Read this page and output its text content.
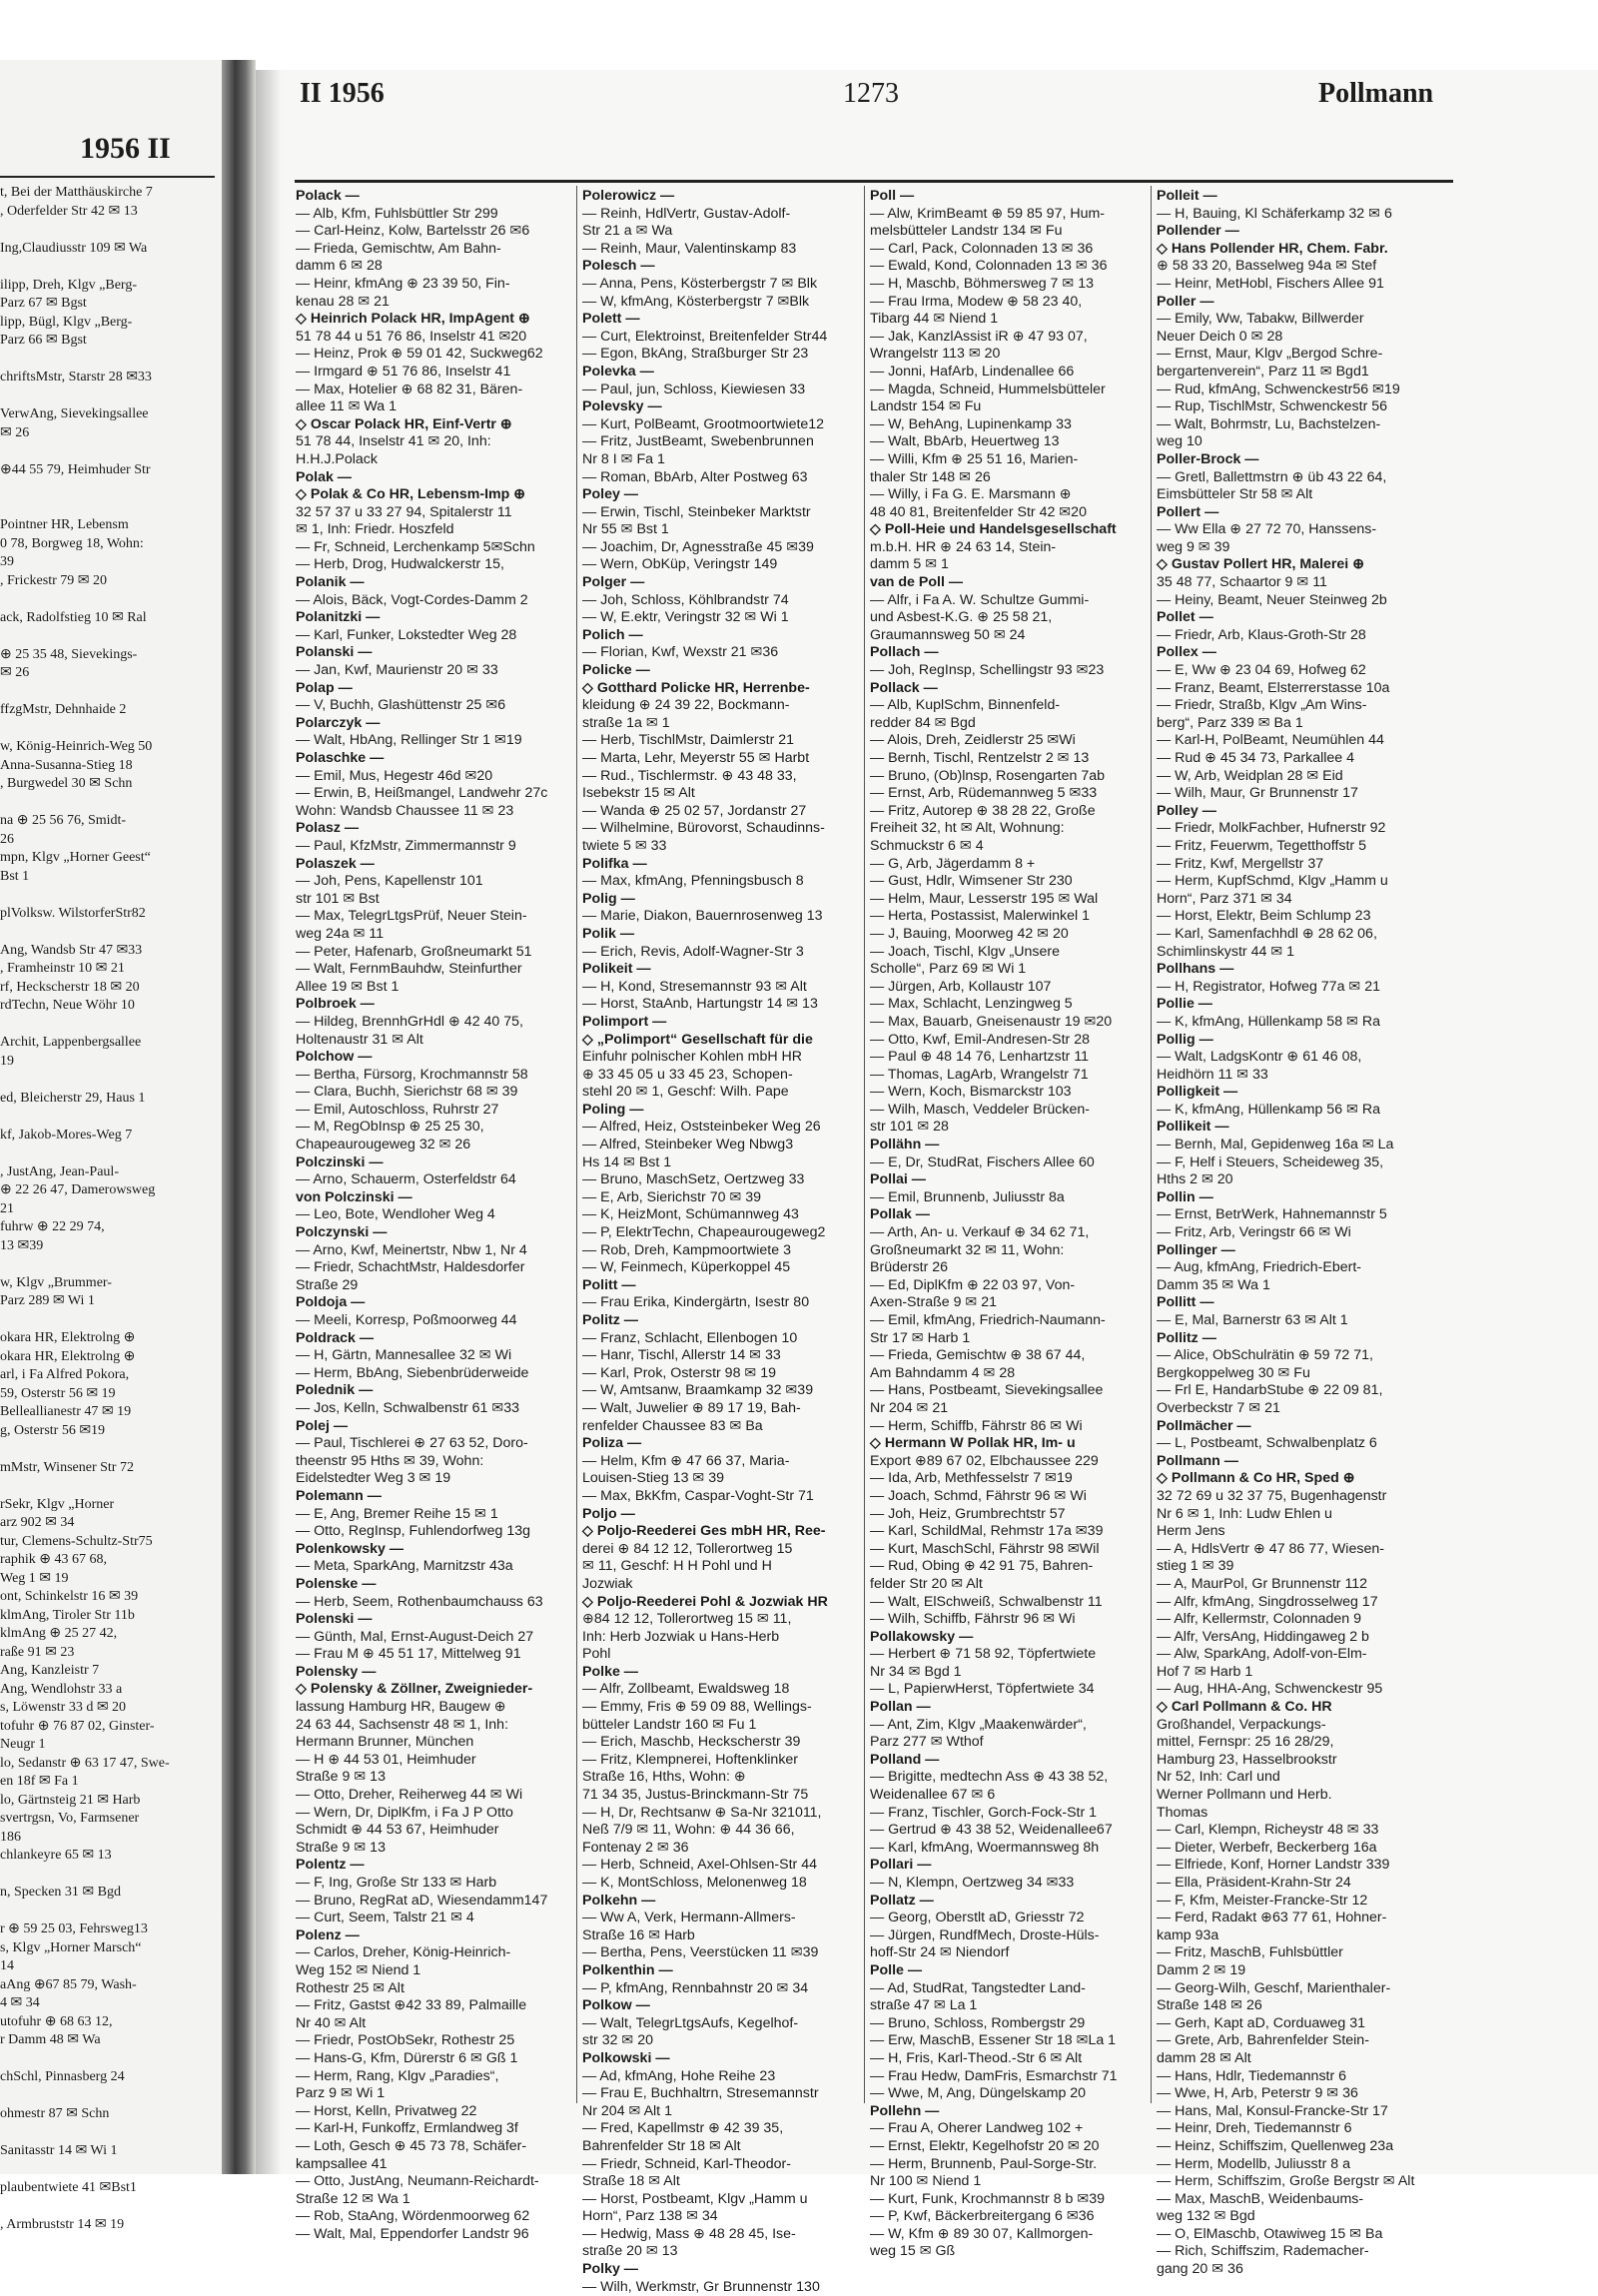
1956 II
t, Bei der Matthäuskirche 7
, Oderfelder Str 42 ✉ 13

Ing,Claudiusstr 109 ✉ Wa

ilipp, Dreh, Klgv „Berg-
Parz 67 ✉ Bgst
lipp, Bügl, Klgv „Berg-
Parz 66 ✉ Bgst

chriftsMstr, Starstr 28 ✉33

VerwAng, Sievekingsallee
✉ 26

⊕44 55 79, Heimhuder Str

Pointner HR, Lebensm
0 78, Borgweg 18, Wohn:
39
, Frickestr 79 ✉ 20

ack, Radolfstieg 10 ✉ Ral

⊕ 25 35 48, Sievekings-
✉ 26

ffzgMstr, Dehnhaide 2

w, König-Heinrich-Weg 50
Anna-Susanna-Stieg 18
, Burgwedel 30 ✉ Schn

na ⊕ 25 56 76, Smidt-
26
mpn, Klgv „Horner Geest“
Bst 1

plVolksw. WilstorferStr82

Ang, Wandsb Str 47 ✉33
, Framheinstr 10 ✉ 21
rf, Heckscherstr 18 ✉ 20
rdTechn, Neue Wöhr 10

Archit, Lappenbergsallee
19

ed, Bleicherstr 29, Haus 1

kf, Jakob-Mores-Weg 7

, JustAng, Jean-Paul-
⊕ 22 26 47, Damerowsweg
21
fuhrw ⊕ 22 29 74,
13 ✉39

w, Klgv „Brummer-
Parz 289 ✉ Wi 1

okara HR, Elektrolng ⊕
okara HR, Elektrolng ⊕
arl, i Fa Alfred Pokora,
59, Osterstr 56 ✉ 19
Belleallianestr 47 ✉ 19
g, Osterstr 56 ✉19

mMstr, Winsener Str 72

rSekr, Klgv „Horner
arz 902 ✉ 34
tur, Clemens-Schultz-Str75
raphik ⊕ 43 67 68,
Weg 1 ✉ 19
ont, Schinkelstr 16 ✉ 39
klmAng, Tiroler Str 11b
klmAng ⊕ 25 27 42,
raße 91 ✉ 23
Ang, Kanzleistr 7
Ang, Wendlohstr 33 a
s, Löwenstr 33 d ✉ 20
tofuhr ⊕ 76 87 02, Ginster-
Neugr 1
lo, Sedanstr ⊕ 63 17 47, Swe-
en 18f ✉ Fa 1
lo, Gärtnsteig 21 ✉ Harb
svertrgsn, Vo, Farmsener
186
chlankeyre 65 ✉ 13

n, Specken 31 ✉ Bgd

r ⊕ 59 25 03, Fehrsweg13
s, Klgv „Horner Marsch“
14
aAng ⊕67 85 79, Wash-
4 ✉ 34
utofuhr ⊕ 68 63 12,
r Damm 48 ✉ Wa

chSchl, Pinnasberg 24

ohmestr 87 ✉ Schn

Sanitasstr 14 ✉ Wi 1

plaubentwiete 41 ✉Bst1

, Armbruststr 14 ✉ 19
II 1956	1273	Pollmann
Polack —
— Alb, Kfm, Fuhlsbüttler Str 299
— Carl-Heinz, Kolw, Bartelsstr 26 ✉6
— Frieda, Gemischtw, Am Bahn-
damm 6 ✉ 28
— Heinr, kfmAng ⊕ 23 39 50, Fin-
kenau 28 ✉ 21
◇ Heinrich Polack HR, ImpAgent ⊕
51 78 44 u 51 76 86, Inselstr 41 ✉20
— Heinz, Prok ⊕ 59 01 42, Suckweg62
— Irmgard ⊕ 51 76 86, Inselstr 41
— Max, Hotelier ⊕ 68 82 31, Bären-
allee 11 ✉ Wa 1
◇ Oscar Polack HR, Einf-Vertr ⊕
51 78 44, Inselstr 41 ✉ 20, Inh:
H.H.J.Polack
Polak —
◇ Polak & Co HR, Lebensm-Imp ⊕
32 57 37 u 33 27 94, Spitalerstr 11
✉ 1, Inh: Friedr. Hoszfeld
— Fr, Schneid, Lerchenkamp 5✉Schn
— Herb, Drog, Hudwalckerstr 15,
Polanik —
— Alois, Bäck, Vogt-Cordes-Damm 2
Polanitzki —
— Karl, Funker, Lokstedter Weg 28
Polanski —
— Jan, Kwf, Maurienstr 20 ✉ 33
Polap —
— V, Buchh, Glashüttenstr 25 ✉6
Polarczyk —
— Walt, HbAng, Rellinger Str 1 ✉19
Polaschke —
— Emil, Mus, Hegestr 46d ✉20
— Erwin, B, Heißmangel, Landwehr 27c
Wohn: Wandsb Chaussee 11 ✉ 23
Polasz —
— Paul, KfzMstr, Zimmermannstr 9
Polaszek —
— Joh, Pens, Kapellenstr 101
str 101 ✉ Bst
— Max, TelegrLtgsPrüf, Neuer Stein-
weg 24a ✉ 11
— Peter, Hafenarb, Großneumarkt 51
— Walt, FernmBauhdw, Steinfurther
Allee 19 ✉ Bst 1
Polbroek —
— Hildeg, BrennhGrHdl ⊕ 42 40 75,
Holtenaustr 31 ✉ Alt
Polchow —
— Bertha, Fürsorg, Krochmannstr 58
— Clara, Buchh, Sierichstr 68 ✉ 39
— Emil, Autoschloss, Ruhrstr 27
— M, RegObInsp ⊕ 25 25 30,
Chapeaurougeweg 32 ✉ 26
Polczinski —
— Arno, Schauerm, Osterfeldstr 64
von Polczinski —
— Leo, Bote, Wendloher Weg 4
Polczynski —
— Arno, Kwf, Meinertstr, Nbw 1, Nr 4
— Friedr, SchachtMstr, Haldesdorfer
Straße 29
Poldoja —
— Meeli, Korresp, Poßmoorweg 44
Poldrack —
— H, Gärtn, Mannesallee 32 ✉ Wi
— Herm, BbAng, Siebenbrüderweide
Polednik —
— Jos, Kelln, Schwalbenstr 61 ✉33
Polej —
— Paul, Tischlerei ⊕ 27 63 52, Doro-
theenstr 95 Hths ✉ 39, Wohn:
Eidelstedter Weg 3 ✉ 19
Polemann —
— E, Ang, Bremer Reihe 15 ✉ 1
— Otto, RegInsp, Fuhlendorfweg 13g
Polenkowsky —
— Meta, SparkAng, Marnitzstr 43a
Polenske —
— Herb, Seem, Rothenbaumchauss 63
Polenski —
— Günth, Mal, Ernst-August-Deich 27
— Frau M ⊕ 45 51 17, Mittelweg 91
Polensky —
◇ Polensky & Zöllner, Zweignieder-
lassung Hamburg HR, Baugew ⊕
24 63 44, Sachsenstr 48 ✉ 1, Inh:
Hermann Brunner, München
— H ⊕ 44 53 01, Heimhuder
Straße 9 ✉ 13
— Otto, Dreher, Reiherweg 44 ✉ Wi
— Wern, Dr, DiplKfm, i Fa J P Otto
Schmidt ⊕ 44 53 67, Heimhuder
Straße 9 ✉ 13
Polentz —
— F, Ing, Große Str 133 ✉ Harb
— Bruno, RegRat aD, Wiesendamm147
— Curt, Seem, Talstr 21 ✉ 4
Polenz —
— Carlos, Dreher, König-Heinrich-
Weg 152 ✉ Niend 1
Rothestr 25 ✉ Alt
— Fritz, Gastst ⊕42 33 89, Palmaille
Nr 40 ✉ Alt
— Friedr, PostObSekr, Rothestr 25
— Hans-G, Kfm, Dürerstr 6 ✉ Gß 1
— Herm, Rang, Klgv „Paradies“,
Parz 9 ✉ Wi 1
— Horst, Kelln, Privatweg 22
— Karl-H, Funkoffz, Ermlandweg 3f
— Loth, Gesch ⊕ 45 73 78, Schäfer-
kampsallee 41
— Otto, JustAng, Neumann-Reichardt-
Straße 12 ✉ Wa 1
— Rob, StaAng, Wördenmoorweg 62
— Walt, Mal, Eppendorfer Landstr 96
Polerowicz —
— Reinh, HdlVertr, Gustav-Adolf-
Str 21 a ✉ Wa
— Reinh, Maur, Valentinskamp 83
Polesch —
— Anna, Pens, Kösterbergstr 7 ✉ Blk
— W, kfmAng, Kösterbergstr 7 ✉Blk
Polett —
— Curt, Elektroinst, Breitenfelder Str44
— Egon, BkAng, Straßburger Str 23
Polevka —
— Paul, jun, Schloss, Kiewiesen 33
Polevsky —
— Kurt, PolBeamt, Grootmoortwiete12
— Fritz, JustBeamt, Swebenbrunnen
Nr 8 I ✉ Fa 1
— Roman, BbArb, Alter Postweg 63
Poley —
— Erwin, Tischl, Steinbeker Marktstr
Nr 55 ✉ Bst 1
— Joachim, Dr, Agnesstraße 45 ✉39
— Wern, ObKüp, Veringstr 149
Polger —
— Joh, Schloss, Köhlbrandstr 74
— W, E.ektr, Veringstr 32 ✉ Wi 1
Polich —
— Florian, Kwf, Wexstr 21 ✉36
Policke —
◇ Gotthard Policke HR, Herrenbe-
kleidung ⊕ 24 39 22, Bockmann-
straße 1a ✉ 1
— Herb, TischlMstr, Daimlerstr 21
— Marta, Lehr, Meyerstr 55 ✉ Harbt
— Rud., Tischlermstr. ⊕ 43 48 33,
Isebekstr 15 ✉ Alt
— Wanda ⊕ 25 02 57, Jordanstr 27
— Wilhelmine, Bürovorst, Schaudinns-
twiete 5 ✉ 33
Polifka —
— Max, kfmAng, Pfenningsbusch 8
Polig —
— Marie, Diakon, Bauernrosenweg 13
Polik —
— Erich, Revis, Adolf-Wagner-Str 3
Polikeit —
— H, Kond, Stresemannstr 93 ✉ Alt
— Horst, StaAnb, Hartungstr 14 ✉ 13
Polimport —
◇ „Polimport“ Gesellschaft für die
Einfuhr polnischer Kohlen mbH HR
⊕ 33 45 05 u 33 45 23, Schopen-
stehl 20 ✉ 1, Geschf: Wilh. Pape
Poling —
— Alfred, Heiz, Oststeinbeker Weg 26
— Alfred, Steinbeker Weg Nbwg3
Hs 14 ✉ Bst 1
— Bruno, MaschSetz, Oertzweg 33
— E, Arb, Sierichstr 70 ✉ 39
— K, HeizMont, Schümannweg 43
— P, ElektrTechn, Chapeaurougeweg2
— Rob, Dreh, Kampmoortwiete 3
— W, Feinmech, Küperkoppel 45
Politt —
— Frau Erika, Kindergärtn, Isestr 80
Politz —
— Franz, Schlacht, Ellenbogen 10
— Hanr, Tischl, Allerstr 14 ✉ 33
— Karl, Prok, Osterstr 98 ✉ 19
— W, Amtsanw, Braamkamp 32 ✉39
— Walt, Juwelier ⊕ 89 17 19, Bah-
renfelder Chaussee 83 ✉ Ba
Poliza —
— Helm, Kfm ⊕ 47 66 37, Maria-
Louisen-Stieg 13 ✉ 39
— Max, BkKfm, Caspar-Voght-Str 71
Poljo —
◇ Poljo-Reederei Ges mbH HR, Ree-
derei ⊕ 84 12 12, Tollerortweg 15
✉ 11, Geschf: H H Pohl und H
Jozwiak
◇ Poljo-Reederei Pohl & Jozwiak HR
⊕84 12 12, Tollerortweg 15 ✉ 11,
Inh: Herb Jozwiak u Hans-Herb
Pohl
Polke —
— Alfr, Zollbeamt, Ewaldsweg 18
— Emmy, Fris ⊕ 59 09 88, Wellings-
bütteler Landstr 160 ✉ Fu 1
— Erich, Maschb, Heckscherstr 39
— Fritz, Klempnerei, Hoftenklinker
Straße 16, Hths, Wohn: ⊕
71 34 35, Justus-Brinckmann-Str 75
— H, Dr, Rechtsanw ⊕ Sa-Nr 321011,
Neß 7/9 ✉ 11, Wohn: ⊕ 44 36 66,
Fontenay 2 ✉ 36
— Herb, Schneid, Axel-Ohlsen-Str 44
— K, MontSchloss, Melonenweg 18
Polkehn —
— Ww A, Verk, Hermann-Allmers-
Straße 16 ✉ Harb
— Bertha, Pens, Veerstücken 11 ✉39
Polkenthin —
— P, kfmAng, Rennbahnstr 20 ✉ 34
Polkow —
— Walt, TelegrLtgsAufs, Kegelhof-
str 32 ✉ 20
Polkowski —
— Ad, kfmAng, Hohe Reihe 23
— Frau E, Buchhaltrn, Stresemannstr
Nr 204 ✉ Alt 1
— Fred, Kapellmstr ⊕ 42 39 35,
Bahrenfelder Str 18 ✉ Alt
— Friedr, Schneid, Karl-Theodor-
Straße 18 ✉ Alt
— Horst, Postbeamt, Klgv „Hamm u
Horn“, Parz 138 ✉ 34
— Hedwig, Mass ⊕ 48 28 45, Ise-
straße 20 ✉ 13
Polky —
— Wilh, Werkmstr, Gr Brunnenstr 130
Poll —
— Alw, KrimBeamt ⊕ 59 85 97, Hum-
melsbütteler Landstr 134 ✉ Fu
— Carl, Pack, Colonnaden 13 ✉ 36
— Ewald, Kond, Colonnaden 13 ✉ 36
— H, Maschb, Böhmersweg 7 ✉ 13
— Frau Irma, Modew ⊕ 58 23 40,
Tibarg 44 ✉ Niend 1
— Jak, KanzlAssist iR ⊕ 47 93 07,
Wrangelstr 113 ✉ 20
— Jonni, HafArb, Lindenallee 66
— Magda, Schneid, Hummelsbütteler
Landstr 154 ✉ Fu
— W, BehAng, Lupinenkamp 33
— Walt, BbArb, Heuertweg 13
— Willi, Kfm ⊕ 25 51 16, Marien-
thaler Str 148 ✉ 26
— Willy, i Fa G. E. Marsmann ⊕
48 40 81, Breitenfelder Str 42 ✉20
◇ Poll-Heie und Handelsgesellschaft
m.b.H. HR ⊕ 24 63 14, Stein-
damm 5 ✉ 1
van de Poll —
— Alfr, i Fa A. W. Schultze Gummi-
und Asbest-K.G. ⊕ 25 58 21,
Graumannsweg 50 ✉ 24
Pollach —
— Joh, RegInsp, Schellingstr 93 ✉23
Pollack —
— Alb, KuplSchm, Binnenfeld-
redder 84 ✉ Bgd
— Alois, Dreh, Zeidlerstr 25 ✉Wi
— Bernh, Tischl, Rentzelstr 2 ✉ 13
— Bruno, (Ob)lnsp, Rosengarten 7ab
— Ernst, Arb, Rüdemannweg 5 ✉33
— Fritz, Autorep ⊕ 38 28 22, Große
Freiheit 32, ht ✉ Alt, Wohnung:
Schmuckstr 6 ✉ 4
— G, Arb, Jägerdamm 8 +
— Gust, Hdlr, Wimsener Str 230
— Helm, Maur, Lesserstr 195 ✉ Wal
— Herta, Postassist, Malerwinkel 1
— J, Bauing, Moorweg 42 ✉ 20
— Joach, Tischl, Klgv „Unsere
Scholle“, Parz 69 ✉ Wi 1
— Jürgen, Arb, Kollaustr 107
— Max, Schlacht, Lenzingweg 5
— Max, Bauarb, Gneisenaustr 19 ✉20
— Otto, Kwf, Emil-Andresen-Str 28
— Paul ⊕ 48 14 76, Lenhartzstr 11
— Thomas, LagArb, Wrangelstr 71
— Wern, Koch, Bismarckstr 103
— Wilh, Masch, Veddeler Brücken-
str 101 ✉ 28
Pollähn —
— E, Dr, StudRat, Fischers Allee 60
Pollai —
— Emil, Brunnenb, Juliusstr 8a
Pollak —
— Arth, An- u. Verkauf ⊕ 34 62 71,
Großneumarkt 32 ✉ 11, Wohn:
Brüderstr 26
— Ed, DiplKfm ⊕ 22 03 97, Von-
Axen-Straße 9 ✉ 21
— Emil, kfmAng, Friedrich-Naumann-
Str 17 ✉ Harb 1
— Frieda, Gemischtw ⊕ 38 67 44,
Am Bahndamm 4 ✉ 28
— Hans, Postbeamt, Sievekingsallee
Nr 204 ✉ 21
— Herm, Schiffb, Fährstr 86 ✉ Wi
◇ Hermann W Pollak HR, Im- u
Export ⊕89 67 02, Elbchaussee 229
— Ida, Arb, Methfesselstr 7 ✉19
— Joach, Schmd, Fährstr 96 ✉ Wi
— Joh, Heiz, Grumbrechtstr 57
— Karl, SchildMal, Rehmstr 17a ✉39
— Kurt, MaschSchl, Fährstr 98 ✉Wil
— Rud, Obing ⊕ 42 91 75, Bahren-
felder Str 20 ✉ Alt
— Walt, ElSchweiß, Schwalbenstr 11
— Wilh, Schiffb, Fährstr 96 ✉ Wi
Pollakowsky —
— Herbert ⊕ 71 58 92, Töpfertwiete
Nr 34 ✉ Bgd 1
— L, PapierwHerst, Töpfertwiete 34
Pollan —
— Ant, Zim, Klgv „Maakenwärder“,
Parz 277 ✉ Wthof
Polland —
— Brigitte, medtechn Ass ⊕ 43 38 52,
Weidenallee 67 ✉ 6
— Franz, Tischler, Gorch-Fock-Str 1
— Gertrud ⊕ 43 38 52, Weidenallee67
— Karl, kfmAng, Woermannsweg 8h
Pollari —
— N, Klempn, Oertzweg 34 ✉33
Pollatz —
— Georg, Oberstlt aD, Griesstr 72
— Jürgen, RundfMech, Droste-Hüls-
hoff-Str 24 ✉ Niendorf
Polle —
— Ad, StudRat, Tangstedter Land-
straße 47 ✉ La 1
— Bruno, Schloss, Rombergstr 29
— Erw, MaschB, Essener Str 18 ✉La 1
— H, Fris, Karl-Theod.-Str 6 ✉ Alt
— Frau Hedw, DamFris, Esmarchstr 71
— Wwe, M, Ang, Düngelskamp 20
Pollehn —
— Frau A, Oherer Landweg 102 +
— Ernst, Elektr, Kegelhofstr 20 ✉ 20
— Herm, Brunnenb, Paul-Sorge-Str.
Nr 100 ✉ Niend 1
— Kurt, Funk, Krochmannstr 8 b ✉39
— P, Kwf, Bäckerbreitergang 6 ✉36
— W, Kfm ⊕ 89 30 07, Kallmorgen-
weg 15 ✉ Gß
Polleit —
— H, Bauing, Kl Schäferkamp 32 ✉ 6
Pollender —
◇ Hans Pollender HR, Chem. Fabr.
⊕ 58 33 20, Basselweg 94a ✉ Stef
— Heinr, MetHobl, Fischers Allee 91
Poller —
— Emily, Ww, Tabakw, Billwerder
Neuer Deich 0 ✉ 28
— Ernst, Maur, Klgv „Bergod Schre-
bergartenverein“, Parz 11 ✉ Bgd1
— Rud, kfmAng, Schwenckestr56 ✉19
— Rup, TischlMstr, Schwenckestr 56
— Walt, Bohrmstr, Lu, Bachstelzen-
weg 10
Poller-Brock —
— Gretl, Ballettmstrn ⊕ üb 43 22 64,
Eimsbütteler Str 58 ✉ Alt
Pollert —
— Ww Ella ⊕ 27 72 70, Hanssens-
weg 9 ✉ 39
◇ Gustav Pollert HR, Malerei ⊕
35 48 77, Schaartor 9 ✉ 11
— Heiny, Beamt, Neuer Steinweg 2b
Pollet —
— Friedr, Arb, Klaus-Groth-Str 28
Pollex —
— E, Ww ⊕ 23 04 69, Hofweg 62
— Franz, Beamt, Elsterrerstasse 10a
— Friedr, Straßb, Klgv „Am Wins-
berg“, Parz 339 ✉ Ba 1
— Karl-H, PolBeamt, Neumühlen 44
— Rud ⊕ 45 34 73, Parkallee 4
— W, Arb, Weidplan 28 ✉ Eid
— Wilh, Maur, Gr Brunnenstr 17
Polley —
— Friedr, MolkFachber, Hufnerstr 92
— Fritz, Feuerwm, Tegetthoffstr 5
— Fritz, Kwf, Mergellstr 37
— Herm, KupfSchmd, Klgv „Hamm u
Horn“, Parz 371 ✉ 34
— Horst, Elektr, Beim Schlump 23
— Karl, Samenfachhdl ⊕ 28 62 06,
Schimlinskystr 44 ✉ 1
Pollhans —
— H, Registrator, Hofweg 77a ✉ 21
Pollie —
— K, kfmAng, Hüllenkamp 58 ✉ Ra
Pollig —
— Walt, LadgsKontr ⊕ 61 46 08,
Heidhörn 11 ✉ 33
Polligkeit —
— K, kfmAng, Hüllenkamp 56 ✉ Ra
Pollikeit —
— Bernh, Mal, Gepidenweg 16a ✉ La
— F, Helf i Steuers, Scheideweg 35,
Hths 2 ✉ 20
Pollin —
— Ernst, BetrWerk, Hahnemannstr 5
— Fritz, Arb, Veringstr 66 ✉ Wi
Pollinger —
— Aug, kfmAng, Friedrich-Ebert-
Damm 35 ✉ Wa 1
Pollitt —
— E, Mal, Barnerstr 63 ✉ Alt 1
Pollitz —
— Alice, ObSchulrätin ⊕ 59 72 71,
Bergkoppelweg 30 ✉ Fu
— Frl E, HandarbStube ⊕ 22 09 81,
Overbeckstr 7 ✉ 21
Pollmächer —
— L, Postbeamt, Schwalbenplatz 6
Pollmann —
◇ Pollmann & Co HR, Sped ⊕
32 72 69 u 32 37 75, Bugenhagenstr
Nr 6 ✉ 1, Inh: Ludw Ehlen u
Herm Jens
— A, HdlsVertr ⊕ 47 86 77, Wiesen-
stieg 1 ✉ 39
— A, MaurPol, Gr Brunnenstr 112
— Alfr, kfmAng, Singdrosselweg 17
— Alfr, Kellermstr, Colonnaden 9
— Alfr, VersAng, Hiddingaweg 2 b
— Alw, SparkAng, Adolf-von-Elm-
Hof 7 ✉ Harb 1
— Aug, HHA-Ang, Schwenckestr 95
◇ Carl Pollmann & Co. HR
Großhandel, Verpackungs-
mittel, Fernspr: 25 16 28/29,
Hamburg 23, Hasselbrookstr
Nr 52, Inh: Carl und
Werner Pollmann und Herb.
Thomas
— Carl, Klempn, Richeystr 48 ✉ 33
— Dieter, Werbefr, Beckerberg 16a
— Elfriede, Konf, Horner Landstr 339
— Ella, Präsident-Krahn-Str 24
— F, Kfm, Meister-Francke-Str 12
— Ferd, Radakt ⊕63 77 61, Hohner-
kamp 93a
— Fritz, MaschB, Fuhlsbüttler
Damm 2 ✉ 19
— Georg-Wilh, Geschf, Marienthaler-
Straße 148 ✉ 26
— Gerh, Kapt aD, Corduaweg 31
— Grete, Arb, Bahrenfelder Stein-
damm 28 ✉ Alt
— Hans, Hdlr, Tiedemannstr 6
— Wwe, H, Arb, Peterstr 9 ✉ 36
— Hans, Mal, Konsul-Francke-Str 17
— Heinr, Dreh, Tiedemannstr 6
— Heinz, Schiffszim, Quellenweg 23a
— Herm, Modellb, Juliusstr 8 a
— Herm, Schiffszim, Große Bergstr ✉ Alt
— Max, MaschB, Weidenbaums-
weg 132 ✉ Bgd
— O, ElMaschb, Otawiweg 15 ✉ Ba
— Rich, Schiffszim, Rademacher-
gang 20 ✉ 36
